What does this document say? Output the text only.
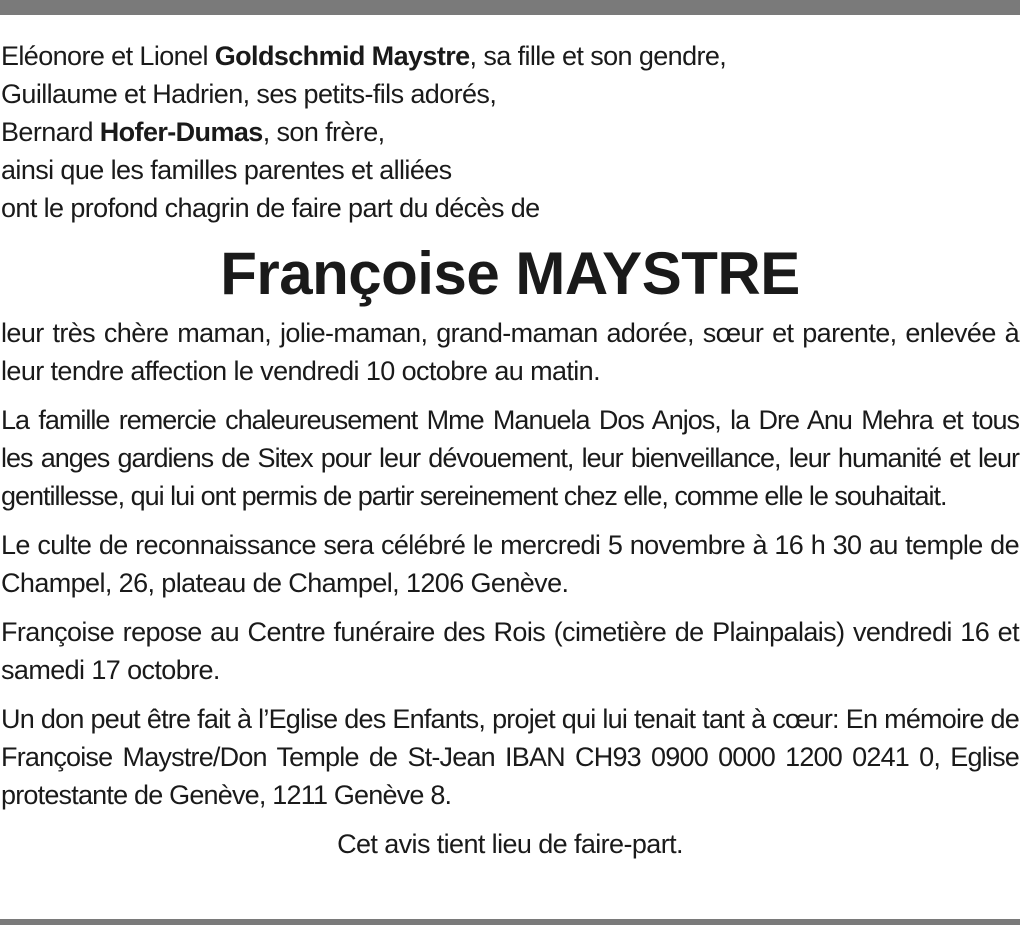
Eléonore et Lionel Goldschmid Maystre, sa fille et son gendre,

Guillaume et Hadrien, ses petits-fils adorés,

Bernard Hofer-Dumas, son frère,

ainsi que les familles parentes et alliées

ont le profond chagrin de faire part du décès de

Françoise MAYSTRE

leur très chère maman, jolie-maman, grand-maman adorée, sœur et parente, enlevée à leur tendre affection le vendredi 10 octobre au matin.

La famille remercie chaleureusement Mme Manuela Dos Anjos, la Dre Anu Mehra et tous les anges gardiens de Sitex pour leur dévouement, leur bienveillance, leur humanité et leur gentillesse, qui lui ont permis de partir sereinement chez elle, comme elle le souhaitait.

Le culte de reconnaissance sera célébré le mercredi 5 novembre à 16 h 30 au temple de Champel, 26, plateau de Champel, 1206 Genève.

Françoise repose au Centre funéraire des Rois (cimetière de Plainpalais) vendredi 16 et samedi 17 octobre.

Un don peut être fait à l’Eglise des Enfants, projet qui lui tenait tant à cœur: En mémoire de Françoise Maystre/Don Temple de St-Jean IBAN CH93 0900 0000 1200 0241 0, Eglise protestante de Genève, 1211 Genève 8.

Cet avis tient lieu de faire-part.
